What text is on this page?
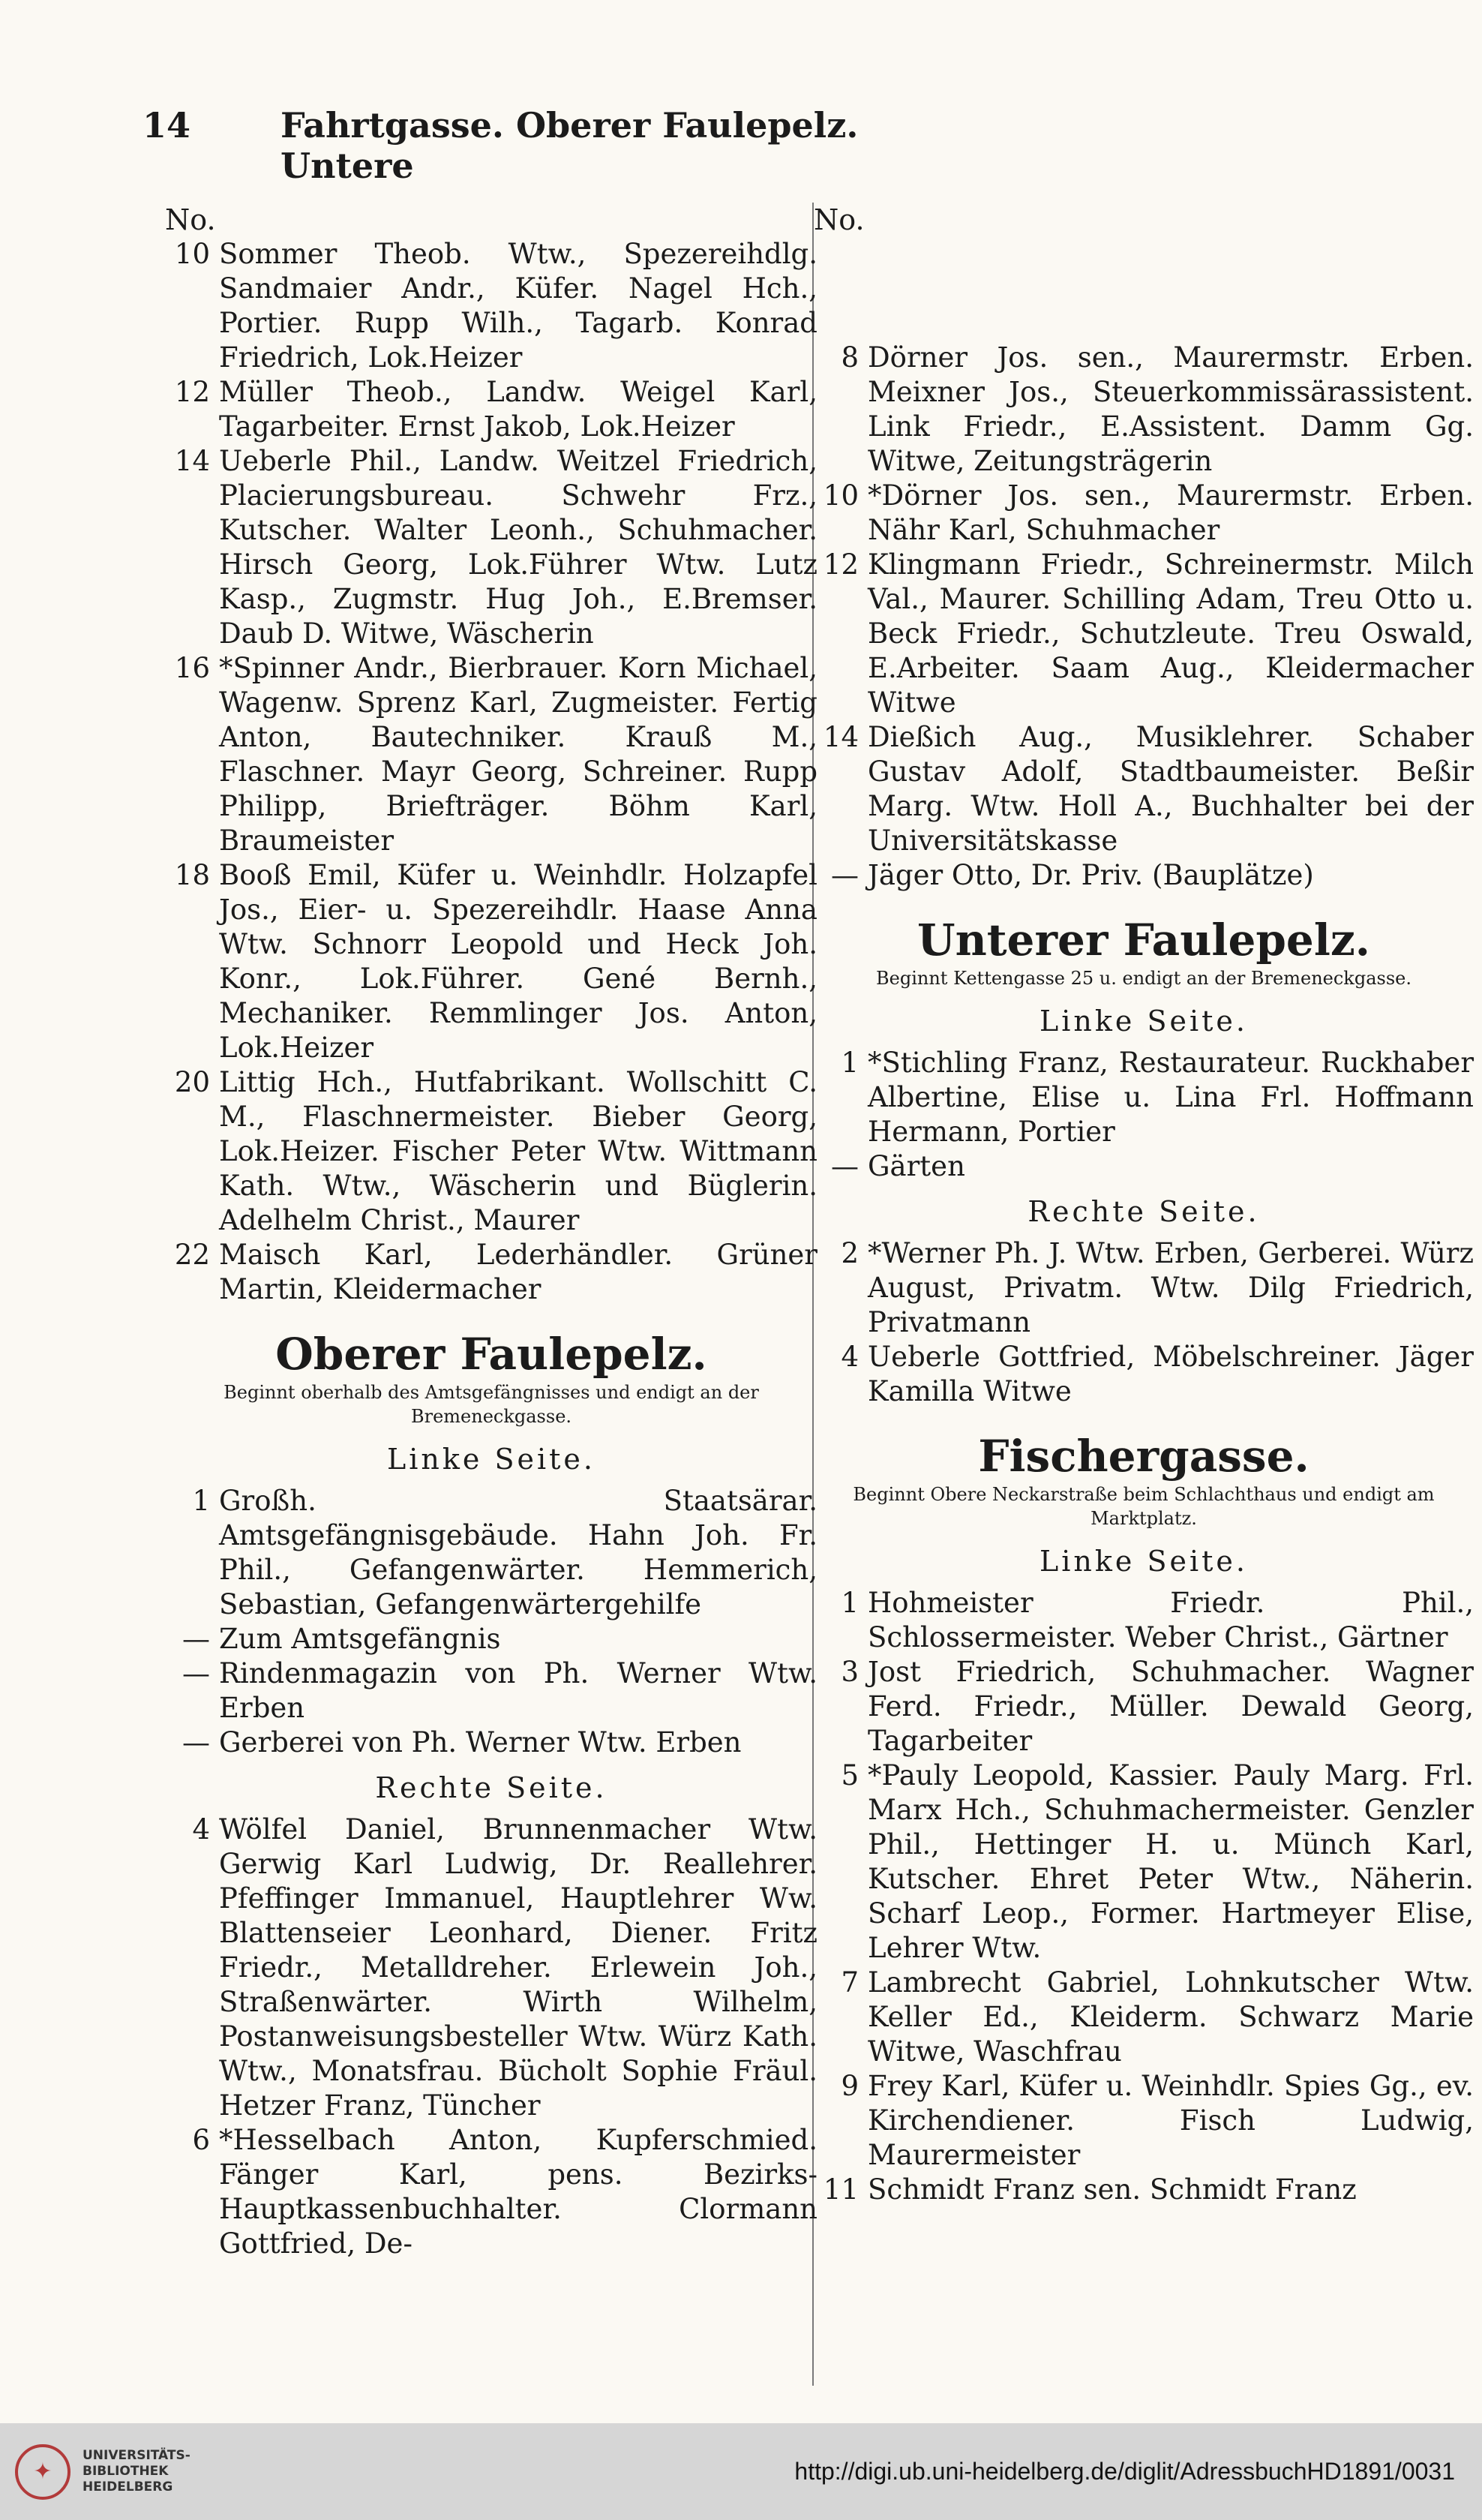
14	Fahrtgasse. Oberer Faulepelz. Untere
No.
10 Sommer Theob. Wtw., Spezereihdlg. Sandmaier Andr., Küfer. Nagel Hch., Portier. Rupp Wilh., Tagarb. Konrad Friedrich, Lok.Heizer
12 Müller Theob., Landw. Weigel Karl, Tagarbeiter. Ernst Jakob, Lok.Heizer
14 Ueberle Phil., Landw. Weitzel Friedrich, Placierungsbureau. Schwehr Frz., Kutscher. Walter Leonh., Schuhmacher. Hirsch Georg, Lok.Führer Wtw. Lutz Kasp., Zugmstr. Hug Joh., E.Bremser. Daub D. Witwe, Wäscherin
16 *Spinner Andr., Bierbrauer. Korn Michael, Wagenw. Sprenz Karl, Zugmeister. Fertig Anton, Bautechniker. Krauß M., Flaschner. Mayr Georg, Schreiner. Rupp Philipp, Briefträger. Böhm Karl, Braumeister
18 Booß Emil, Küfer u. Weinhdlr. Holzapfel Jos., Eier- u. Spezereihdlr. Haase Anna Wtw. Schnorr Leopold und Heck Joh. Konr., Lok.Führer. Gené Bernh., Mechaniker. Remmlinger Jos. Anton, Lok.Heizer
20 Littig Hch., Hutfabrikant. Wollschitt C. M., Flaschnermeister. Bieber Georg, Lok.Heizer. Fischer Peter Wtw. Wittmann Kath. Wtw., Wäscherin und Büglerin. Adelhelm Christ., Maurer
22 Maisch Karl, Lederhändler. Grüner Martin, Kleidermacher
Oberer Faulepelz.
Beginnt oberhalb des Amtsgefängnisses und endigt an der Bremeneckgasse.
Linke Seite.
1 Großh. Staatsärar. Amtsgefängnisgebäude. Hahn Joh. Fr. Phil., Gefangenwärter. Hemmerich, Sebastian, Gefangenwärtergehilfe
— Zum Amtsgefängnis
— Rindenmagazin von Ph. Werner Wtw. Erben
— Gerberei von Ph. Werner Wtw. Erben
Rechte Seite.
4 Wölfel Daniel, Brunnenmacher Wtw. Gerwig Karl Ludwig, Dr. Reallehrer. Pfeffinger Immanuel, Hauptlehrer Ww. Blattenseier Leonhard, Diener. Fritz Friedr., Metalldreher. Erlewein Joh., Straßenwärter. Wirth Wilhelm, Postanweisungsbesteller Wtw. Würz Kath. Wtw., Monatsfrau. Bücholt Sophie Fräul. Hetzer Franz, Tüncher
6 *Hesselbach Anton, Kupferschmied. Fänger Karl, pens. Bezirks-Hauptkassenbuchhalter. Clormann Gottfried, De-
No.
8 Dörner Jos. sen., Maurermstr. Erben. Meixner Jos., Steuerkommissärassistent. Link Friedr., E.Assistent. Damm Gg. Witwe, Zeitungsträgerin
10 *Dörner Jos. sen., Maurermstr. Erben. Nähr Karl, Schuhmacher
12 Klingmann Friedr., Schreinermstr. Milch Val., Maurer. Schilling Adam, Treu Otto u. Beck Friedr., Schutzleute. Treu Oswald, E.Arbeiter. Saam Aug., Kleidermacher Witwe
14 Dießich Aug., Musiklehrer. Schaber Gustav Adolf, Stadtbaumeister. Beßir Marg. Wtw. Holl A., Buchhalter bei der Universitätskasse
— Jäger Otto, Dr. Priv. (Bauplätze)
Unterer Faulepelz.
Beginnt Kettengasse 25 u. endigt an der Bremeneckgasse.
Linke Seite.
1 *Stichling Franz, Restaurateur. Ruckhaber Albertine, Elise u. Lina Frl. Hoffmann Hermann, Portier
— Gärten
Rechte Seite.
2 *Werner Ph. J. Wtw. Erben, Gerberei. Würz August, Privatm. Wtw. Dilg Friedrich, Privatmann
4 Ueberle Gottfried, Möbelschreiner. Jäger Kamilla Witwe
Fischergasse.
Beginnt Obere Neckarstraße beim Schlachthaus und endigt am Marktplatz.
Linke Seite.
1 Hohmeister Friedr. Phil., Schlossermeister. Weber Christ., Gärtner
3 Jost Friedrich, Schuhmacher. Wagner Ferd. Friedr., Müller. Dewald Georg, Tagarbeiter
5 *Pauly Leopold, Kassier. Pauly Marg. Frl. Marx Hch., Schuhmachermeister. Genzler Phil., Hettinger H. u. Münch Karl, Kutscher. Ehret Peter Wtw., Näherin. Scharf Leop., Former. Hartmeyer Elise, Lehrer Wtw.
7 Lambrecht Gabriel, Lohnkutscher Wtw. Keller Ed., Kleiderm. Schwarz Marie Witwe, Waschfrau
9 Frey Karl, Küfer u. Weinhdlr. Spies Gg., ev. Kirchendiener. Fisch Ludwig, Maurermeister
11 Schmidt Franz sen. Schmidt Franz
✦
UNIVERSITÄTS-
BIBLIOTHEK
HEIDELBERG
http://digi.ub.uni-heidelberg.de/diglit/AdressbuchHD1891/0031
